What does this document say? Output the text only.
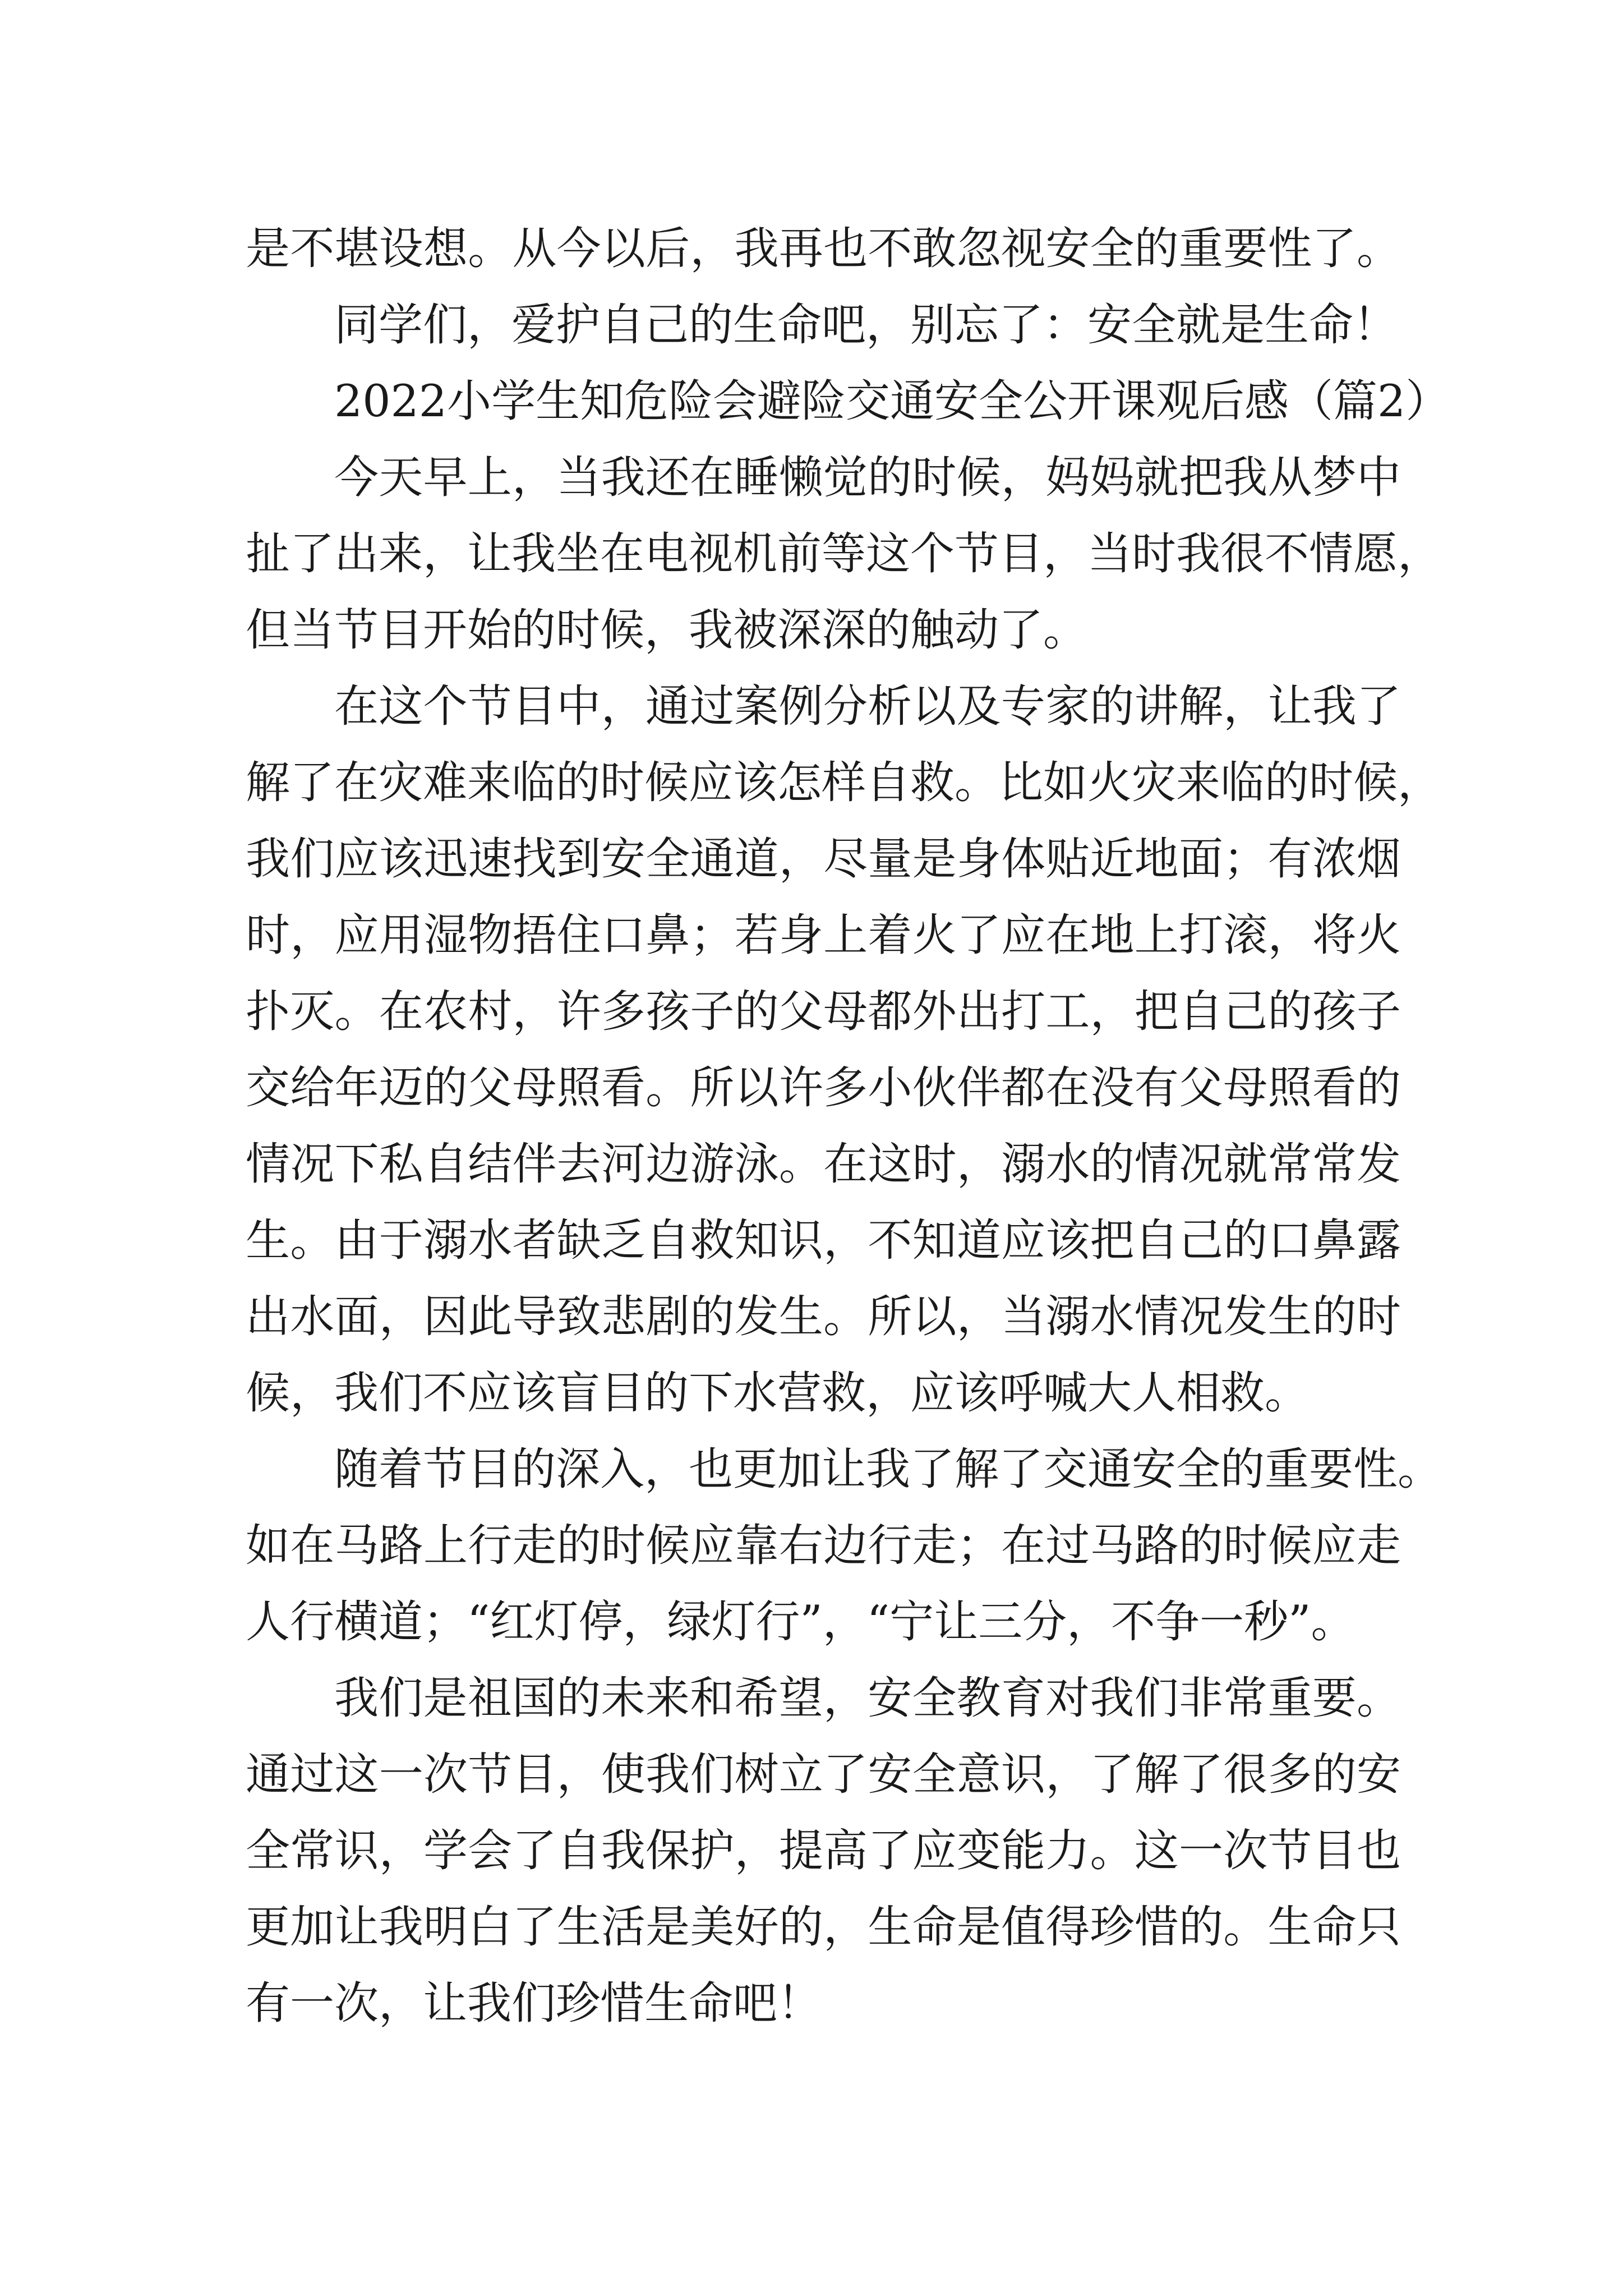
是不堪设想。从今以后，我再也不敢忽视安全的重要性了。
同学们，爱护自己的生命吧，别忘了：安全就是生命！
2022小学生知危险会避险交通安全公开课观后感（篇2）
今天早上，当我还在睡懒觉的时候，妈妈就把我从梦中
扯了出来，让我坐在电视机前等这个节目，当时我很不情愿，
但当节目开始的时候，我被深深的触动了。
在这个节目中，通过案例分析以及专家的讲解，让我了
解了在灾难来临的时候应该怎样自救。比如火灾来临的时候，
我们应该迅速找到安全通道，尽量是身体贴近地面；有浓烟
时，应用湿物捂住口鼻；若身上着火了应在地上打滚，将火
扑灭。在农村，许多孩子的父母都外出打工，把自己的孩子
交给年迈的父母照看。所以许多小伙伴都在没有父母照看的
情况下私自结伴去河边游泳。在这时，溺水的情况就常常发
生。由于溺水者缺乏自救知识，不知道应该把自己的口鼻露
出水面，因此导致悲剧的发生。所以，当溺水情况发生的时
候，我们不应该盲目的下水营救，应该呼喊大人相救。
随着节目的深入，也更加让我了解了交通安全的重要性。
如在马路上行走的时候应靠右边行走；在过马路的时候应走
人行横道；“红灯停，绿灯行”，“宁让三分，不争一秒”。
我们是祖国的未来和希望，安全教育对我们非常重要。
通过这一次节目，使我们树立了安全意识，了解了很多的安
全常识，学会了自我保护，提高了应变能力。这一次节目也
更加让我明白了生活是美好的，生命是值得珍惜的。生命只
有一次，让我们珍惜生命吧！
